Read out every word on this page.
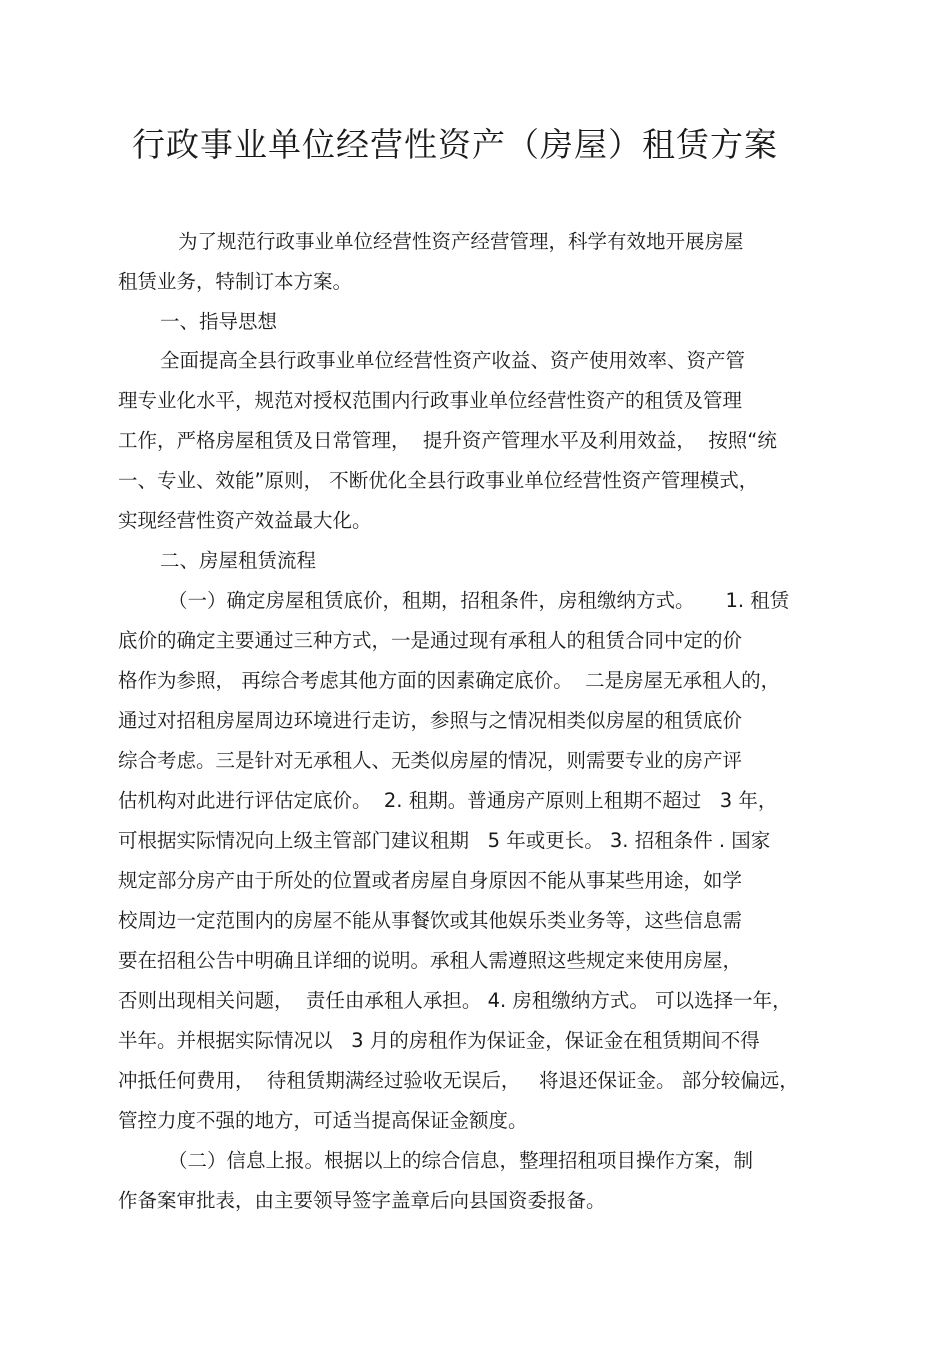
行政事业单位经营性资产（房屋）租赁方案
为了规范行政事业单位经营性资产经营管理，科学有效地开展房屋
租赁业务，特制订本方案。
一、指导思想
全面提高全县行政事业单位经营性资产收益、资产使用效率、资产管
理专业化水平，规范对授权范围内行政事业单位经营性资产的租赁及管理
工作，严格房屋租赁及日常管理，  提升资产管理水平及利用效益，  按照“统
一、专业、效能”原则， 不断优化全县行政事业单位经营性资产管理模式，
实现经营性资产效益最大化。
二、房屋租赁流程
（一）确定房屋租赁底价，租期，招租条件，房租缴纳方式。     1. 租赁
底价的确定主要通过三种方式，一是通过现有承租人的租赁合同中定的价
格作为参照， 再综合考虑其他方面的因素确定底价。  二是房屋无承租人的，
通过对招租房屋周边环境进行走访，参照与之情况相类似房屋的租赁底价
综合考虑。三是针对无承租人、无类似房屋的情况，则需要专业的房产评
估机构对此进行评估定底价。  2. 租期。普通房产原则上租期不超过   3 年，
可根据实际情况向上级主管部门建议租期   5 年或更长。 3. 招租条件 . 国家
规定部分房产由于所处的位置或者房屋自身原因不能从事某些用途，如学
校周边一定范围内的房屋不能从事餐饮或其他娱乐类业务等，这些信息需
要在招租公告中明确且详细的说明。承租人需遵照这些规定来使用房屋，
否则出现相关问题，  责任由承租人承担。 4. 房租缴纳方式。 可以选择一年，
半年。并根据实际情况以   3 月的房租作为保证金，保证金在租赁期间不得
冲抵任何费用，  待租赁期满经过验收无误后，   将退还保证金。 部分较偏远，
管控力度不强的地方，可适当提高保证金额度。
（二）信息上报。根据以上的综合信息，整理招租项目操作方案，制
作备案审批表，由主要领导签字盖章后向县国资委报备。
